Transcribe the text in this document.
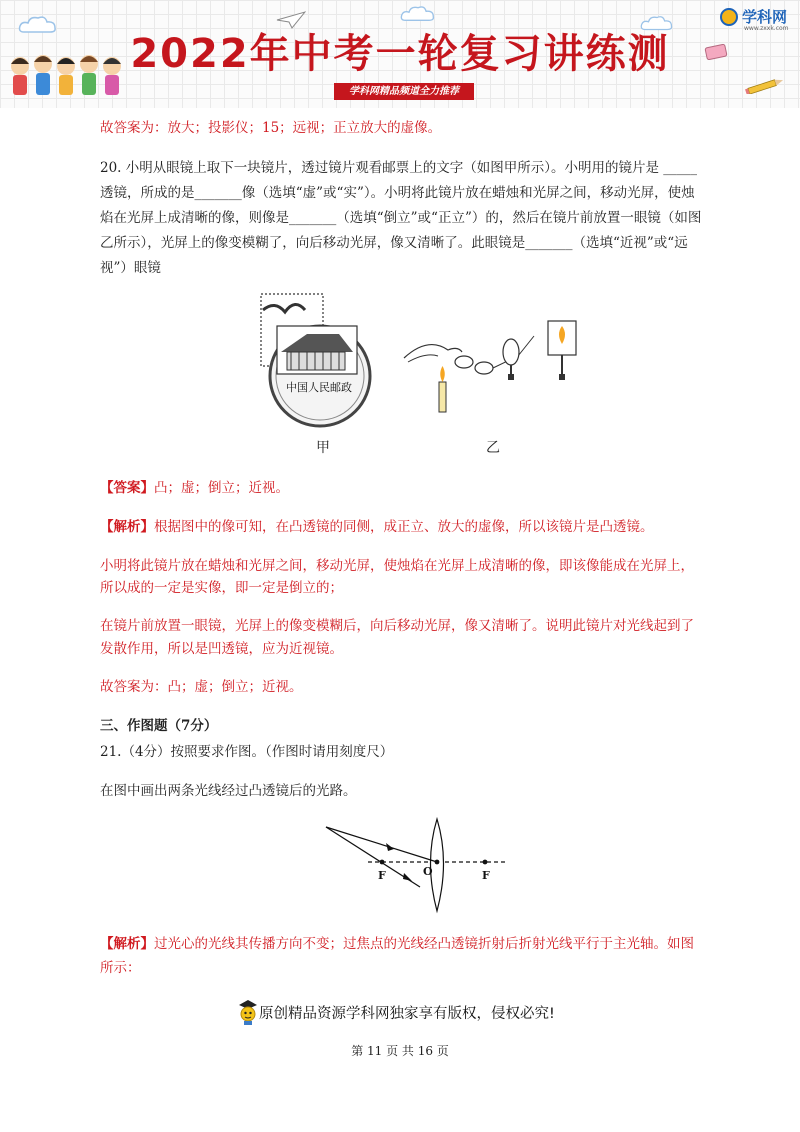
2022年中考一轮复习讲练测
学科网精品频道全力推荐
学科网
www.zxxk.com
故答案为：放大；投影仪；15；远视；正立放大的虚像。
20. 小明从眼镜上取下一块镜片，透过镜片观看邮票上的文字（如图甲所示）。小明用的镜片是 _____
透镜，所成的是_______像（选填“虚”或“实”）。小明将此镜片放在蜡烛和光屏之间，移动光屏，使烛
焰在光屏上成清晰的像，则像是_______（选填“倒立”或“正立”）的，然后在镜片前放置一眼镜（如图
乙所示），光屏上的像变模糊了，向后移动光屏，像又清晰了。此眼镜是_______（选填“近视”或“远
视”）眼镜
中国人民邮政
甲	乙
【答案】凸；虚；倒立；近视。
【解析】根据图中的像可知，在凸透镜的同侧，成正立、放大的虚像，所以该镜片是凸透镜。
小明将此镜片放在蜡烛和光屏之间，移动光屏，使烛焰在光屏上成清晰的像，即该像能成在光屏上，
所以成的一定是实像，即一定是倒立的；
在镜片前放置一眼镜，光屏上的像变模糊后，向后移动光屏，像又清晰了。说明此镜片对光线起到了
发散作用，所以是凹透镜，应为近视镜。
故答案为：凸；虚；倒立；近视。
三、作图题（7分）
21.（4分）按照要求作图。（作图时请用刻度尺）
在图中画出两条光线经过凸透镜后的光路。
F	O	F
【解析】过光心的光线其传播方向不变；过焦点的光线经凸透镜折射后折射光线平行于主光轴。如图
所示：
原创精品资源学科网独家享有版权，侵权必究!
第 11 页 共 16 页
